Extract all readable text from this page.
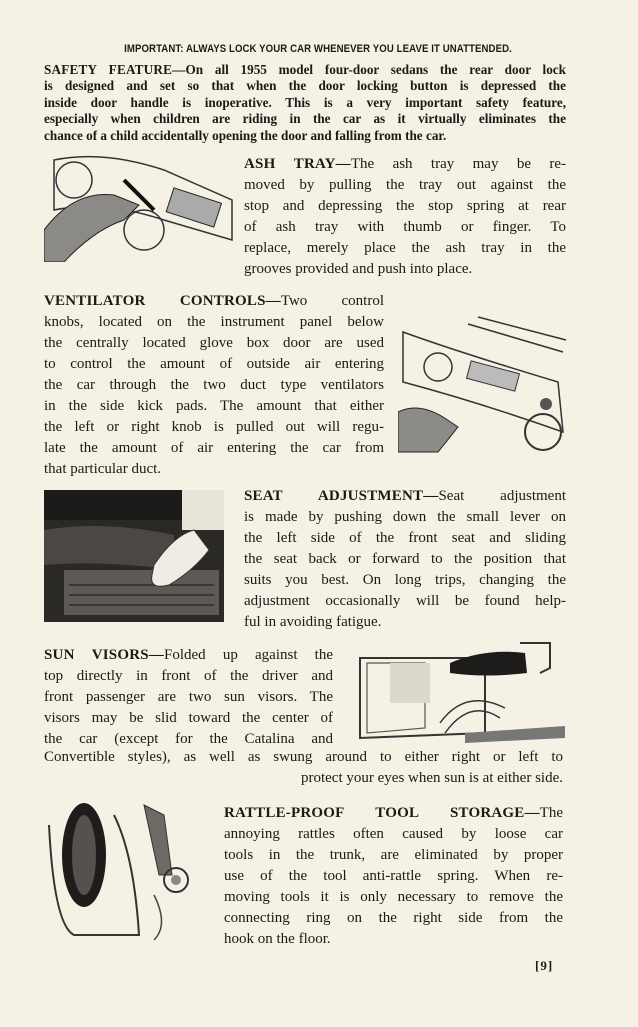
IMPORTANT: ALWAYS LOCK YOUR CAR WHENEVER YOU LEAVE IT UNATTENDED.
SAFETY FEATURE—On all 1955 model four-door sedans the rear door lock
is designed and set so that when the door locking button is depressed the
inside door handle is inoperative. This is a very important safety feature,
especially when children are riding in the car as it virtually eliminates the
chance of a child accidentally opening the door and falling from the car.
ASH TRAY—The ash tray may be re-
moved by pulling the tray out against the
stop and depressing the stop spring at rear
of ash tray with thumb or finger. To
replace, merely place the ash tray in the
grooves provided and push into place.
VENTILATOR CONTROLS—Two control
knobs, located on the instrument panel below
the centrally located glove box door are used
to control the amount of outside air entering
the car through the two duct type ventilators
in the side kick pads. The amount that either
the left or right knob is pulled out will regu-
late the amount of air entering the car from
that particular duct.
SEAT ADJUSTMENT—Seat adjustment
is made by pushing down the small lever on
the left side of the front seat and sliding
the seat back or forward to the position that
suits you best. On long trips, changing the
adjustment occasionally will be found help-
ful in avoiding fatigue.
SUN VISORS—Folded up against the
top directly in front of the driver and
front passenger are two sun visors. The
visors may be slid toward the center of
the car (except for the Catalina and
Convertible styles), as well as swung around to either right or left to
protect your eyes when sun is at either side.
RATTLE-PROOF TOOL STORAGE—The
annoying rattles often caused by loose car
tools in the trunk, are eliminated by proper
use of the tool anti-rattle spring. When re-
moving tools it is only necessary to remove the
connecting ring on the right side from the
hook on the floor.
[9]
